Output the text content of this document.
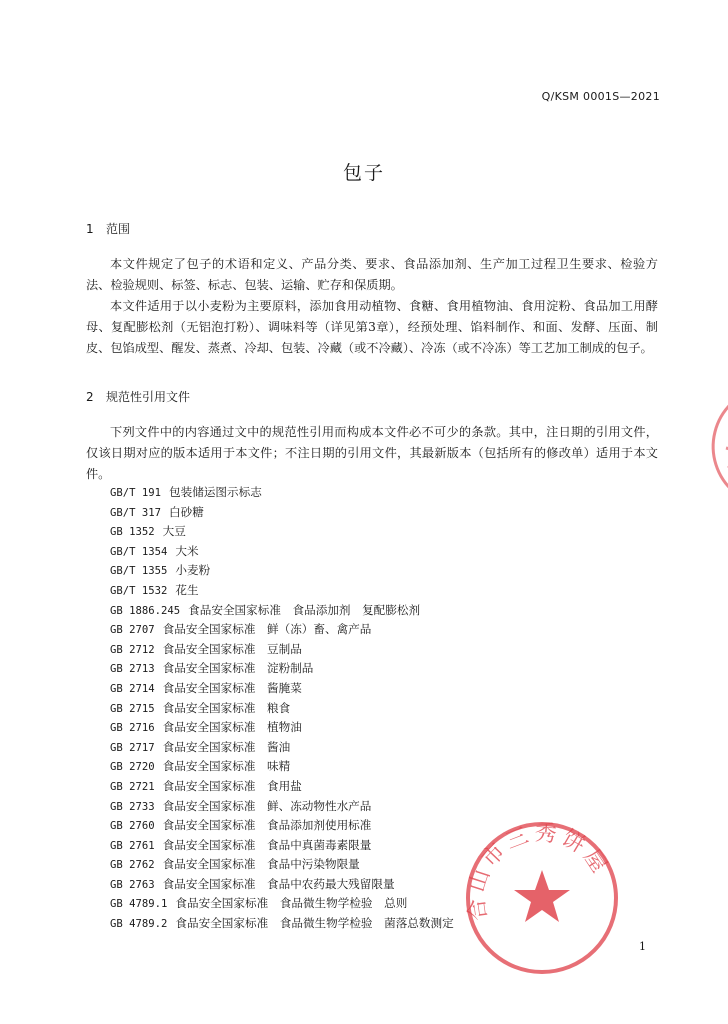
Q/KSM 0001S—2021
包子
1 范围
本文件规定了包子的术语和定义、产品分类、要求、食品添加剂、生产加工过程卫生要求、检验方法、检验规则、标签、标志、包装、运输、贮存和保质期。
本文件适用于以小麦粉为主要原料，添加食用动植物、食糖、食用植物油、食用淀粉、食品加工用酵母、复配膨松剂（无铝泡打粉）、调味料等（详见第3章），经预处理、馅料制作、和面、发酵、压面、制皮、包馅成型、醒发、蒸煮、冷却、包装、冷藏（或不冷藏）、冷冻（或不冷冻）等工艺加工制成的包子。
2 规范性引用文件
下列文件中的内容通过文中的规范性引用而构成本文件必不可少的条款。其中，注日期的引用文件，仅该日期对应的版本适用于本文件；不注日期的引用文件，其最新版本（包括所有的修改单）适用于本文件。
GB/T 191 包装储运图示标志
GB/T 317 白砂糖
GB 1352 大豆
GB/T 1354 大米
GB/T 1355 小麦粉
GB/T 1532 花生
GB 1886.245 食品安全国家标准　食品添加剂　复配膨松剂
GB 2707 食品安全国家标准　鲜（冻）畜、禽产品
GB 2712 食品安全国家标准　豆制品
GB 2713 食品安全国家标准　淀粉制品
GB 2714 食品安全国家标准　酱腌菜
GB 2715 食品安全国家标准　粮食
GB 2716 食品安全国家标准　植物油
GB 2717 食品安全国家标准　酱油
GB 2720 食品安全国家标准　味精
GB 2721 食品安全国家标准　食用盐
GB 2733 食品安全国家标准　鲜、冻动物性水产品
GB 2760 食品安全国家标准　食品添加剂使用标准
GB 2761 食品安全国家标准　食品中真菌毒素限量
GB 2762 食品安全国家标准　食品中污染物限量
GB 2763 食品安全国家标准　食品中农药最大残留限量
GB 4789.1 食品安全国家标准　食品微生物学检验　总则
GB 4789.2 食品安全国家标准　食品微生物学检验　菌落总数测定
合山市三秀饼屋
1
